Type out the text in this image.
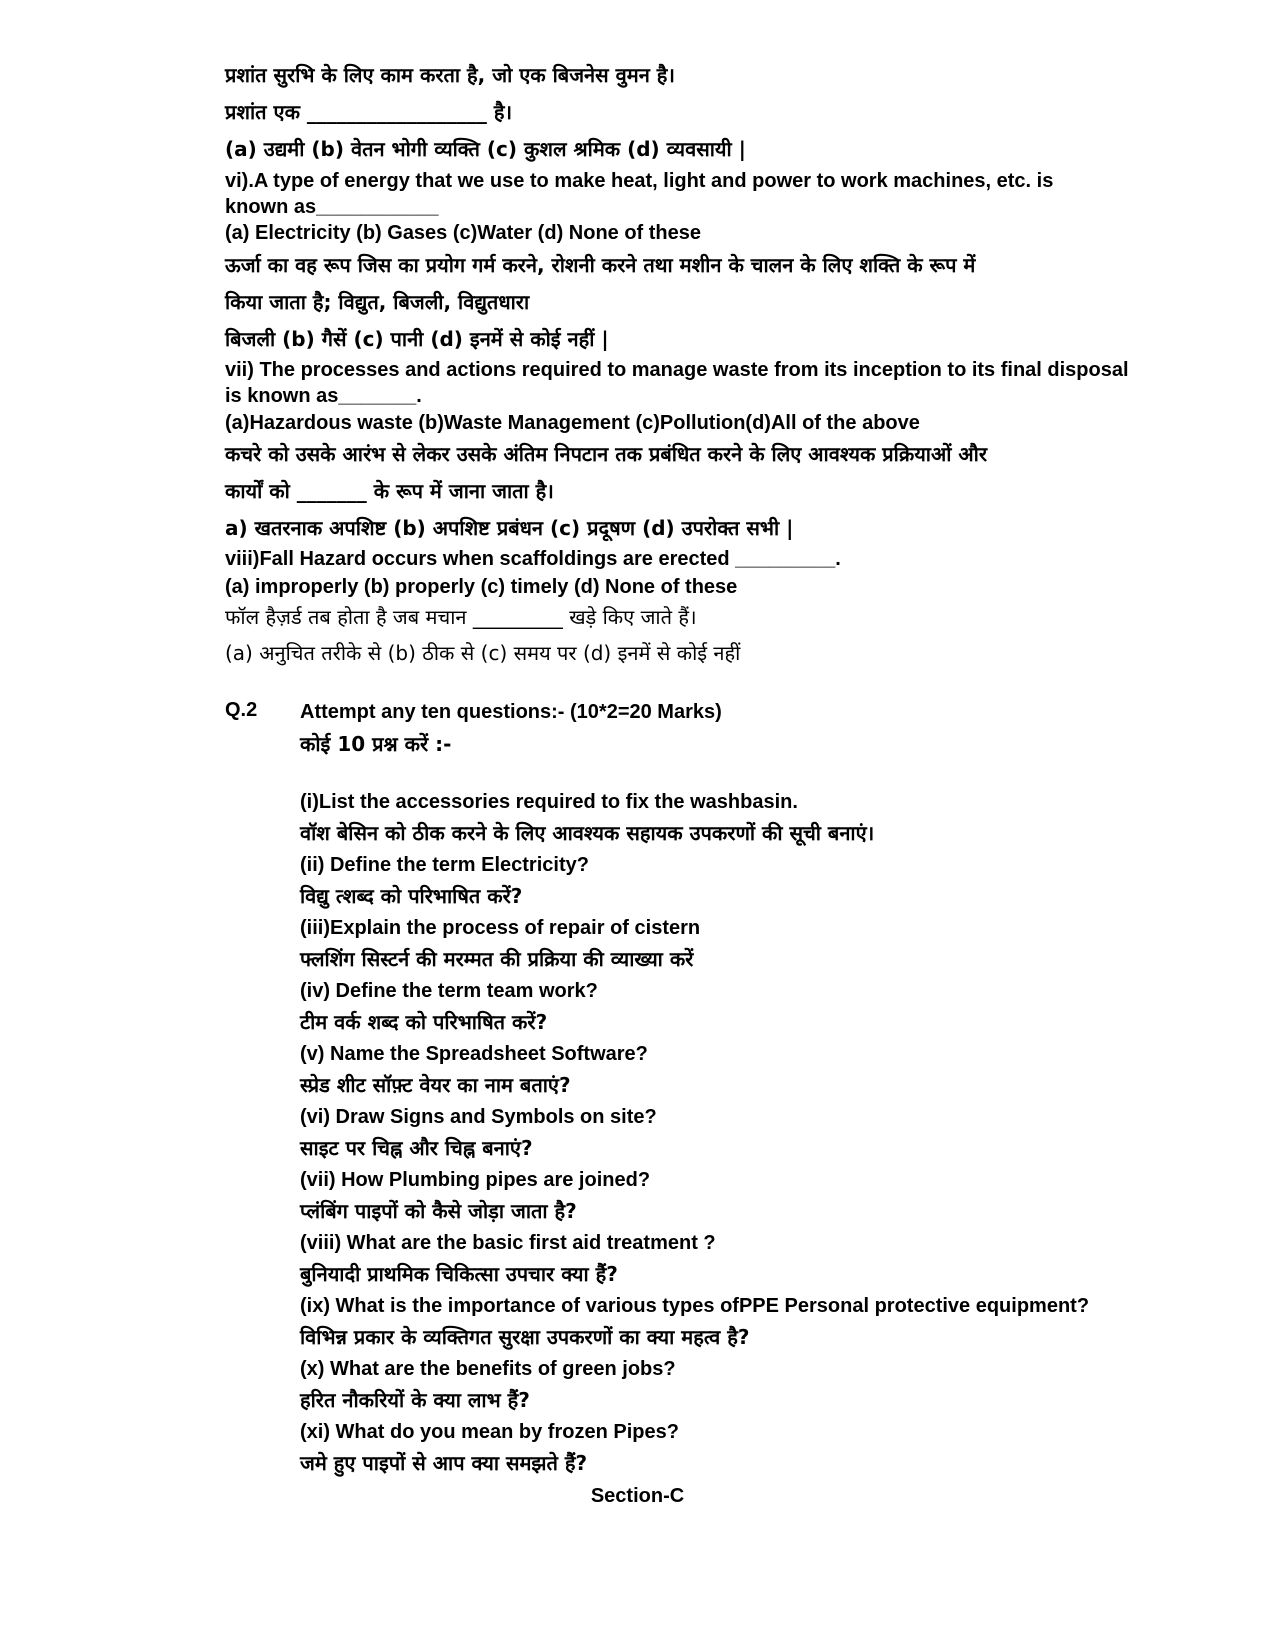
प्रशांत सुरभि के लिए काम करता है, जो एक बिजनेस वुमन है।
प्रशांत एक __________________ है।
(a) उद्यमी (b) वेतन भोगी व्यक्ति (c) कुशल श्रमिक (d) व्यवसायी |
vi).A type of energy that we use to make heat, light and power to work machines, etc. is
known as___________
(a) Electricity (b) Gases (c)Water (d) None of these
ऊर्जा का वह रूप जिस का प्रयोग गर्म करने, रोशनी करने तथा मशीन के चालन के लिए शक्ति के रूप में
किया जाता है; विद्युत, बिजली, विद्युतधारा
बिजली (b) गैसें (c) पानी (d) इनमें से कोई नहीं |
vii) The processes and actions required to manage waste from its inception to its final disposal
is known as_______.
(a)Hazardous waste (b)Waste Management (c)Pollution(d)All of the above
कचरे को उसके आरंभ से लेकर उसके अंतिम निपटान तक प्रबंधित करने के लिए आवश्यक प्रक्रियाओं और
कार्यों को _______ के रूप में जाना जाता है।
a) खतरनाक अपशिष्ट (b) अपशिष्ट प्रबंधन (c) प्रदूषण (d) उपरोक्त सभी |
viii)Fall Hazard occurs when scaffoldings are erected _________.
(a) improperly (b) properly (c) timely (d) None of these
फॉल हैज़र्ड तब होता है जब मचान _________ खड़े किए जाते हैं।
(a) अनुचित तरीके से (b) ठीक से (c) समय पर (d) इनमें से कोई नहीं
Q.2 Attempt any ten questions:- (10*2=20 Marks)
कोई 10 प्रश्न करें :-
(i)List the accessories required to fix the washbasin.
वॉश बेसिन को ठीक करने के लिए आवश्यक सहायक उपकरणों की सूची बनाएं।
(ii) Define the term Electricity?
विद्यु त्शब्द को परिभाषित करें?
(iii)Explain the process of repair of cistern
फ्लशिंग सिस्टर्न की मरम्मत की प्रक्रिया की व्याख्या करें
(iv) Define the term team work?
टीम वर्क शब्द को परिभाषित करें?
(v) Name the Spreadsheet Software?
स्प्रेड शीट सॉफ़्ट वेयर का नाम बताएं?
(vi) Draw Signs and Symbols on site?
साइट पर चिह्न और चिह्न बनाएं?
(vii) How Plumbing pipes are joined?
प्लंबिंग पाइपों को कैसे जोड़ा जाता है?
(viii) What are the basic first aid treatment ?
बुनियादी प्राथमिक चिकित्सा उपचार क्या हैं?
(ix) What is the importance of various types ofPPE Personal protective equipment?
विभिन्न प्रकार के व्यक्तिगत सुरक्षा उपकरणों का क्या महत्व है?
(x) What are the benefits of green jobs?
हरित नौकरियों के क्या लाभ हैं?
(xi) What do you mean by frozen Pipes?
जमे हुए पाइपों से आप क्या समझते हैं?
Section-C
